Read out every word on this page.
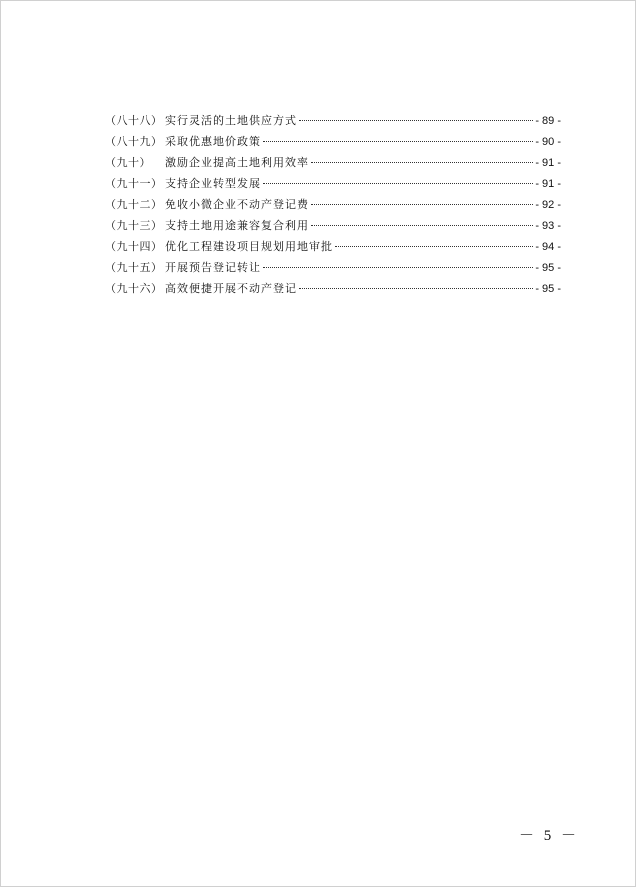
（八十八） 实行灵活的土地供应方式	- 89 -
（八十九） 采取优惠地价政策	- 90 -
（九十）	激励企业提高土地利用效率	- 91 -
（九十一） 支持企业转型发展	- 91 -
（九十二） 免收小微企业不动产登记费	- 92 -
（九十三） 支持土地用途兼容复合利用	- 93 -
（九十四） 优化工程建设项目规划用地审批	- 94 -
（九十五） 开展预告登记转让	- 95 -
（九十六） 高效便捷开展不动产登记	- 95 -
－ 5 －
